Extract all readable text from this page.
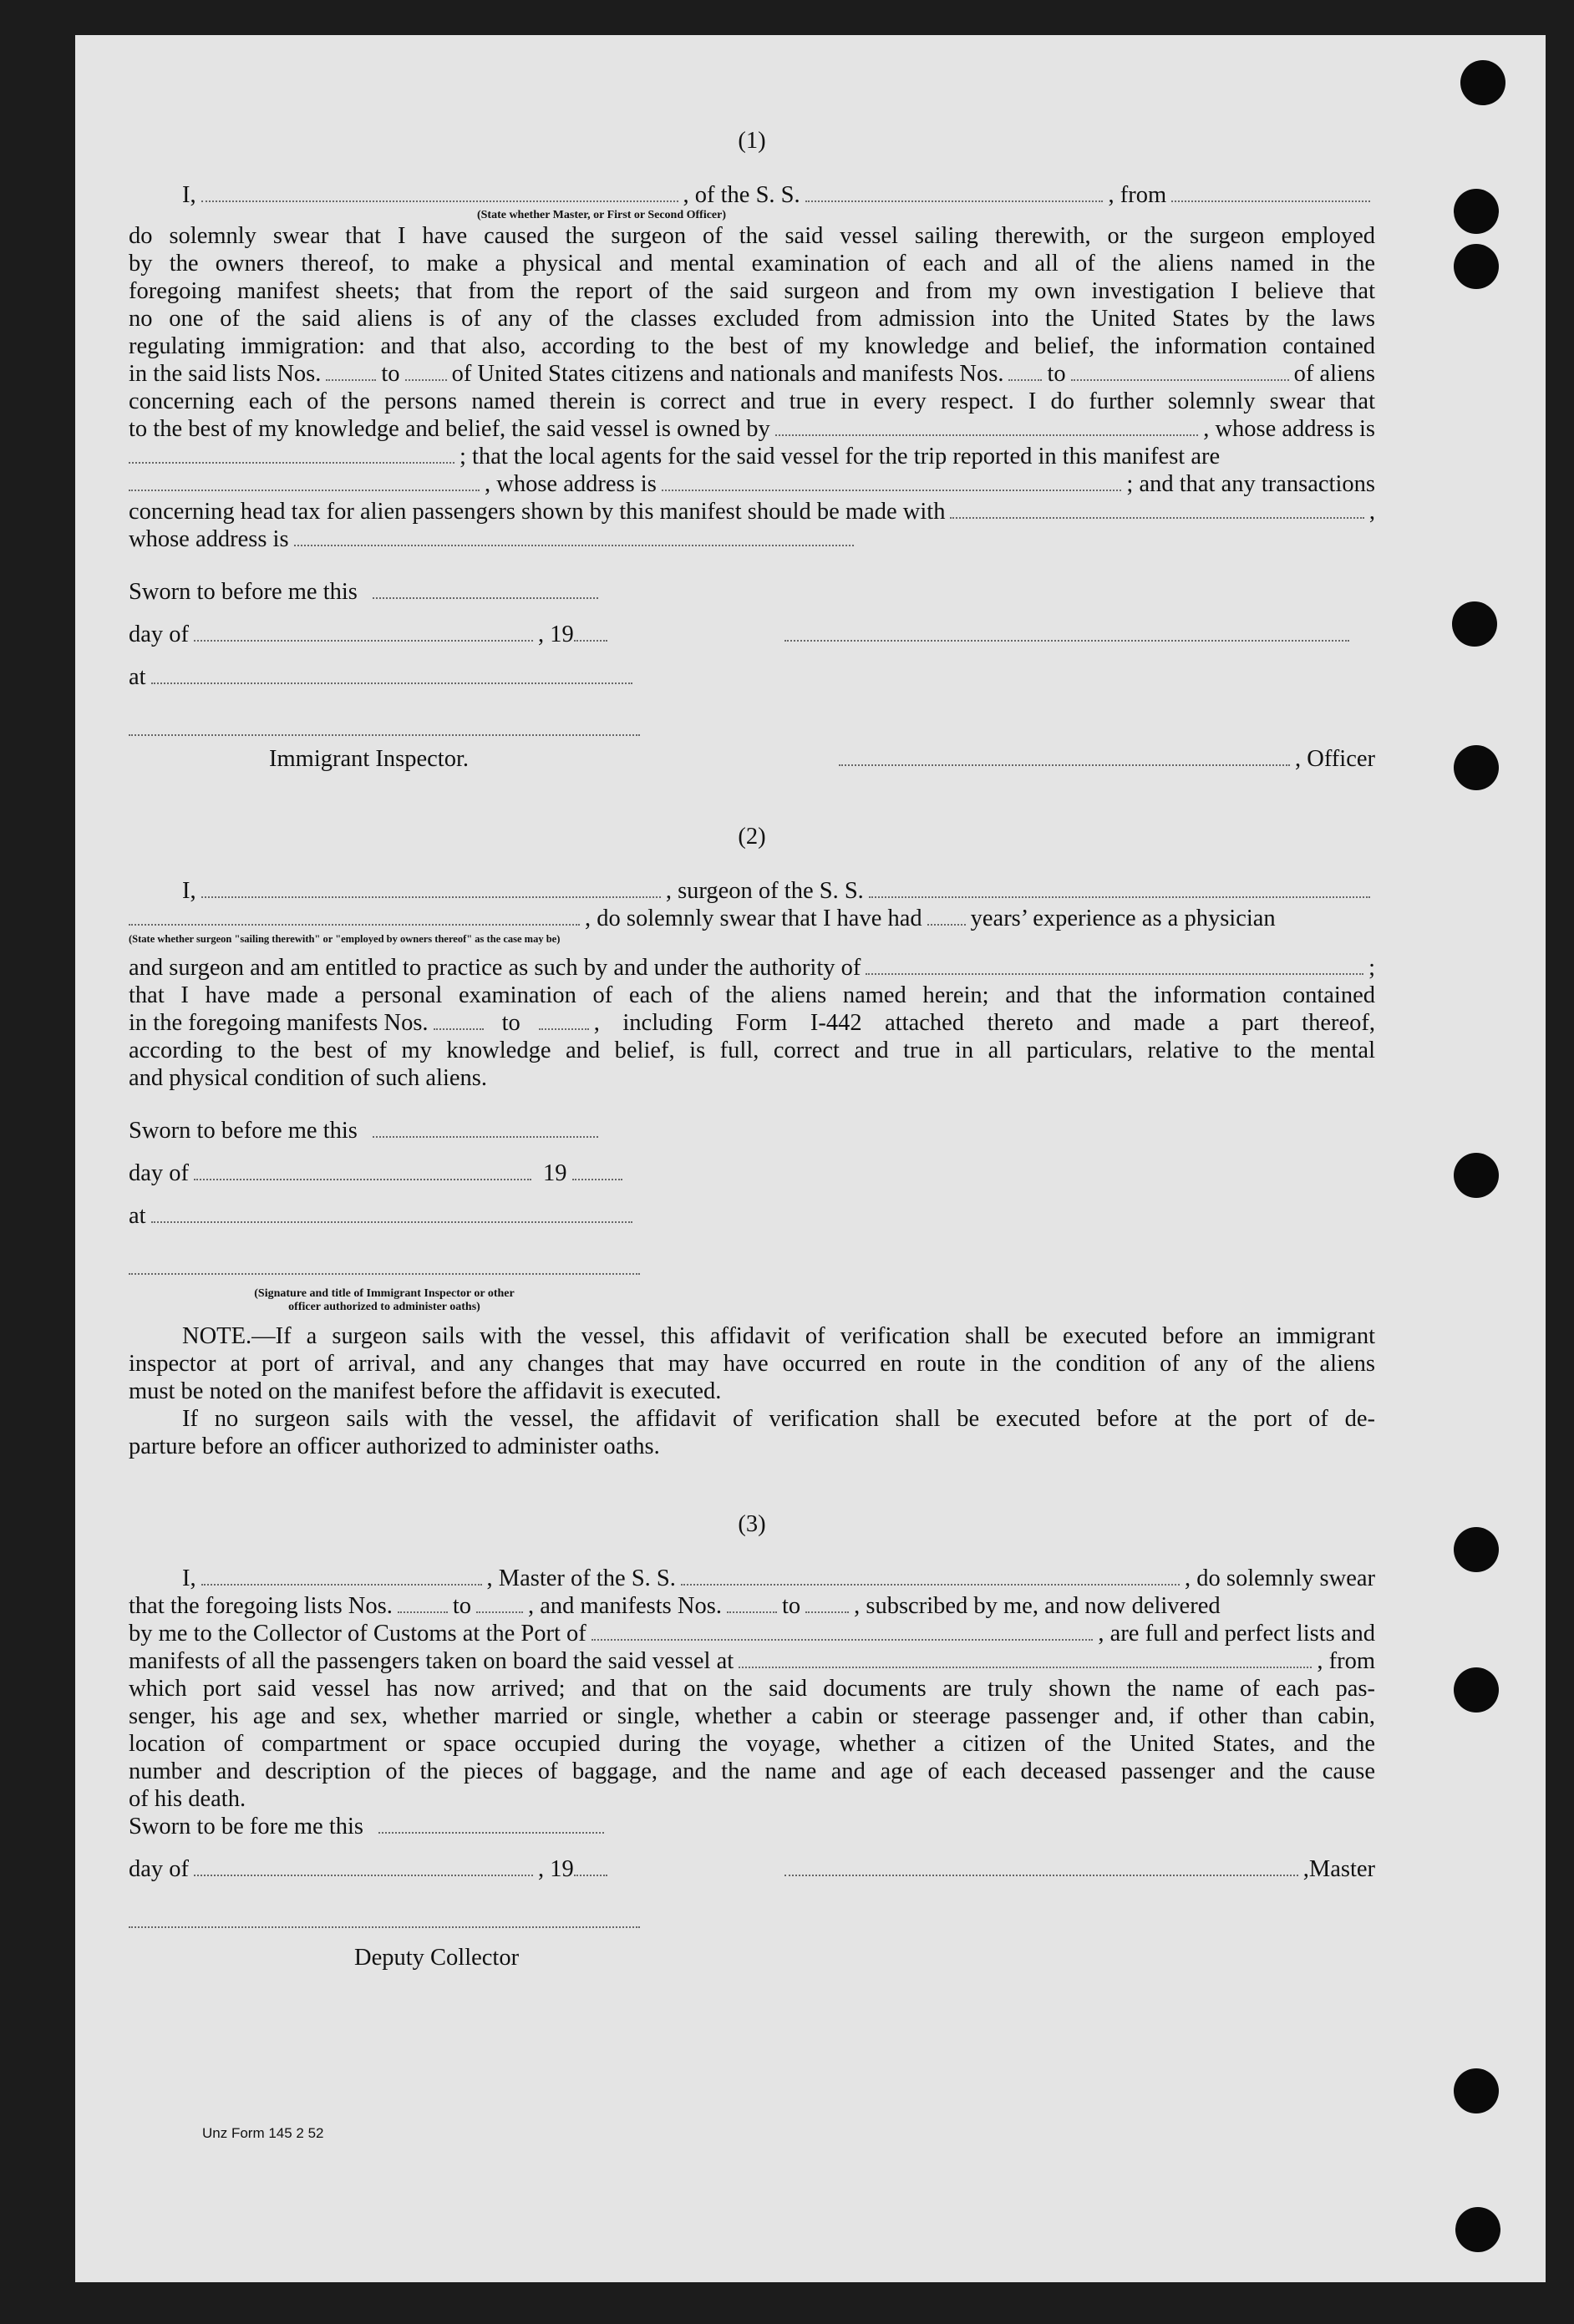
(1)
I,	, of the S. S.	, from
(State whether Master, or First or Second Officer)

do solemnly swear that I have caused the surgeon of the said vessel sailing therewith, or the surgeon employed

by the owners thereof, to make a physical and mental examination of each and all of the aliens named in the

foregoing manifest sheets; that from the report of the said surgeon and from my own investigation I believe that

no one of the said aliens is of any of the classes excluded from admission into the United States by the laws

regulating immigration: and that also, according to the best of my knowledge and belief, the information contained

in the said lists Nos.	to of United States citizens and nationals and manifests Nos. to	of aliens

concerning each of the persons named therein is correct and true in every respect. I do further solemnly swear that

to the best of my knowledge and belief, the said vessel is owned by	, whose address is
; that the local agents for the said vessel for the trip reported in this manifest are
, whose address is	; and that any transactions
concerning head tax for alien passengers shown by this manifest should be made with	,
whose address is
Sworn to before me this
day of	, 19
at
Immigrant Inspector.	, Officer
(2)
I,	, surgeon of the S. S.
, do solemnly swear that I have had years’ experience as a physician
(State whether surgeon "sailing therewith" or "employed by owners thereof" as the case may be)
and surgeon and am entitled to practice as such by and under the authority of	;

that I have made a personal examination of each of the aliens named herein; and that the information contained

in the foregoing manifests Nos.	to	, including Form I-442 attached thereto and made a part thereof,

according to the best of my knowledge and belief, is full, correct and true in all particulars, relative to the mental

and physical condition of such aliens.

Sworn to before me this
day of	19
at
(Signature and title of Immigrant Inspector or other
officer authorized to administer oaths)

NOTE.—If a surgeon sails with the vessel, this affidavit of verification shall be executed before an immigrant

inspector at port of arrival, and any changes that may have occurred en route in the condition of any of the aliens

must be noted on the manifest before the affidavit is executed.

If no surgeon sails with the vessel, the affidavit of verification shall be executed before at the port of de-

parture before an officer authorized to administer oaths.

(3)
I,	, Master of the S. S.	, do solemnly swear
that the foregoing lists Nos.	to , and manifests Nos.	to , subscribed by me, and now delivered
by me to the Collector of Customs at the Port of	, are full and perfect lists and
manifests of all the passengers taken on board the said vessel at	, from

which port said vessel has now arrived; and that on the said documents are truly shown the name of each pas-

senger, his age and sex, whether married or single, whether a cabin or steerage passenger and, if other than cabin,

location of compartment or space occupied during the voyage, whether a citizen of the United States, and the

number and description of the pieces of baggage, and the name and age of each deceased passenger and the cause

of his death.

Sworn to be fore me this
day of	, 19	,Master
Deputy Collector
Unz Form 145 2 52
